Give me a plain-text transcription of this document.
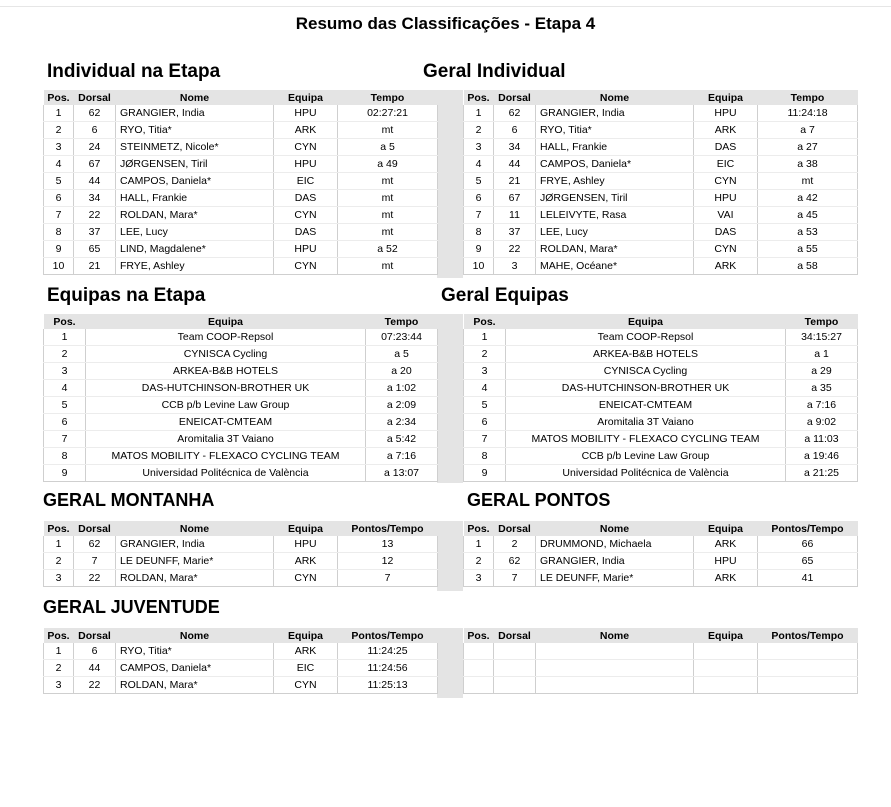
Resumo das Classificações - Etapa 4
Individual na Etapa	Geral Individual
Equipas na Etapa	Geral Equipas
GERAL MONTANHA	GERAL PONTOS
GERAL JUVENTUDE
Pos.	Dorsal	Nome	Equipa	Tempo
1	62	GRANGIER, India	HPU	02:27:21
2	6	RYO, Titia*	ARK	mt
3	24	STEINMETZ, Nicole*	CYN	a 5
4	67	JØRGENSEN, Tiril	HPU	a 49
5	44	CAMPOS, Daniela*	EIC	mt
6	34	HALL, Frankie	DAS	mt
7	22	ROLDAN, Mara*	CYN	mt
8	37	LEE, Lucy	DAS	mt
9	65	LIND, Magdalene*	HPU	a 52
10	21	FRYE, Ashley	CYN	mt
Pos.	Dorsal	Nome	Equipa	Tempo
1	62	GRANGIER, India	HPU	11:24:18
2	6	RYO, Titia*	ARK	a 7
3	34	HALL, Frankie	DAS	a 27
4	44	CAMPOS, Daniela*	EIC	a 38
5	21	FRYE, Ashley	CYN	mt
6	67	JØRGENSEN, Tiril	HPU	a 42
7	11	LELEIVYTE, Rasa	VAI	a 45
8	37	LEE, Lucy	DAS	a 53
9	22	ROLDAN, Mara*	CYN	a 55
10	3	MAHE, Océane*	ARK	a 58
Pos.	Equipa	Tempo
1	Team COOP-Repsol	07:23:44
2	CYNISCA Cycling	a 5
3	ARKEA-B&B HOTELS	a 20
4	DAS-HUTCHINSON-BROTHER UK	a 1:02
5	CCB p/b Levine Law Group	a 2:09
6	ENEICAT-CMTEAM	a 2:34
7	Aromitalia 3T Vaiano	a 5:42
8	MATOS MOBILITY - FLEXACO CYCLING TEAM	a 7:16
9	Universidad Politécnica de València	a 13:07
Pos.	Equipa	Tempo
1	Team COOP-Repsol	34:15:27
2	ARKEA-B&B HOTELS	a 1
3	CYNISCA Cycling	a 29
4	DAS-HUTCHINSON-BROTHER UK	a 35
5	ENEICAT-CMTEAM	a 7:16
6	Aromitalia 3T Vaiano	a 9:02
7	MATOS MOBILITY - FLEXACO CYCLING TEAM	a 11:03
8	CCB p/b Levine Law Group	a 19:46
9	Universidad Politécnica de València	a 21:25
Pos.	Dorsal	Nome	Equipa	Pontos/Tempo
1	62	GRANGIER, India	HPU	13
2	7	LE DEUNFF, Marie*	ARK	12
3	22	ROLDAN, Mara*	CYN	7
Pos.	Dorsal	Nome	Equipa	Pontos/Tempo
1	2	DRUMMOND, Michaela	ARK	66
2	62	GRANGIER, India	HPU	65
3	7	LE DEUNFF, Marie*	ARK	41
Pos.	Dorsal	Nome	Equipa	Pontos/Tempo
1	6	RYO, Titia*	ARK	11:24:25
2	44	CAMPOS, Daniela*	EIC	11:24:56
3	22	ROLDAN, Mara*	CYN	11:25:13
Pos.	Dorsal	Nome	Equipa	Pontos/Tempo
